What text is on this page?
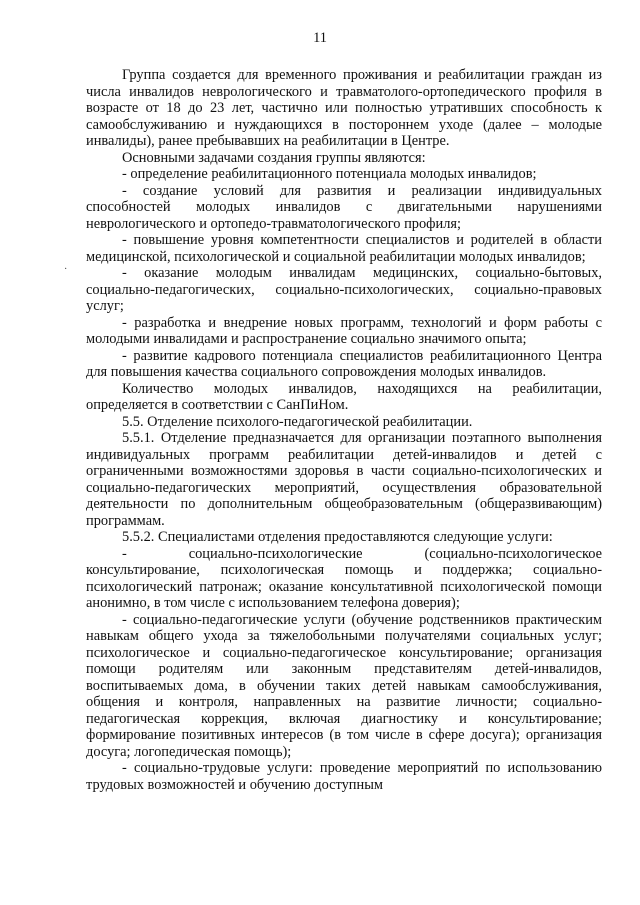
11
·

Группа создается для временного проживания и реабилитации граждан из числа инвалидов неврологического и травматолого-ортопедического профиля в возрасте от 18 до 23 лет, частично или полностью утративших способность к самообслуживанию и нуждающихся в постороннем уходе (далее – молодые инвалиды), ранее пребывавших на реабилитации в Центре.

Основными задачами создания группы являются:

- определение реабилитационного потенциала молодых инвалидов;

- создание условий для развития и реализации индивидуальных способностей молодых инвалидов с двигательными нарушениями неврологического и ортопедо-травматологического профиля;

- повышение уровня компетентности специалистов и родителей в области медицинской, психологической и социальной реабилитации молодых инвалидов;

- оказание молодым инвалидам медицинских, социально-бытовых, социально-педагогических, социально-психологических, социально-правовых услуг;

- разработка и внедрение новых программ, технологий и форм работы с молодыми инвалидами и распространение социально значимого опыта;

- развитие кадрового потенциала специалистов реабилитационного Центра для повышения качества социального сопровождения молодых инвалидов.

Количество молодых инвалидов, находящихся на реабилитации, определяется в соответствии с СанПиНом.

5.5. Отделение психолого-педагогической реабилитации.

5.5.1. Отделение предназначается для организации поэтапного выполнения индивидуальных программ реабилитации детей-инвалидов и детей с ограниченными возможностями здоровья в части социально-психологических и социально-педагогических мероприятий, осуществления образовательной деятельности по дополнительным общеобразовательным (общеразвивающим) программам.

5.5.2. Специалистами отделения предоставляются следующие услуги:

- социально-психологические (социально-психологическое консультирование, психологическая помощь и поддержка; социально-психологический патронаж; оказание консультативной психологической помощи анонимно, в том числе с использованием телефона доверия);

- социально-педагогические услуги (обучение родственников практическим навыкам общего ухода за тяжелобольными получателями социальных услуг; психологическое и социально-педагогическое консультирование; организация помощи родителям или законным представителям детей-инвалидов, воспитываемых дома, в обучении таких детей навыкам самообслуживания, общения и контроля, направленных на развитие личности; социально-педагогическая коррекция, включая диагностику и консультирование; формирование позитивных интересов (в том числе в сфере досуга); организация досуга; логопедическая помощь);

- социально-трудовые услуги: проведение мероприятий по использованию трудовых возможностей и обучению доступным
